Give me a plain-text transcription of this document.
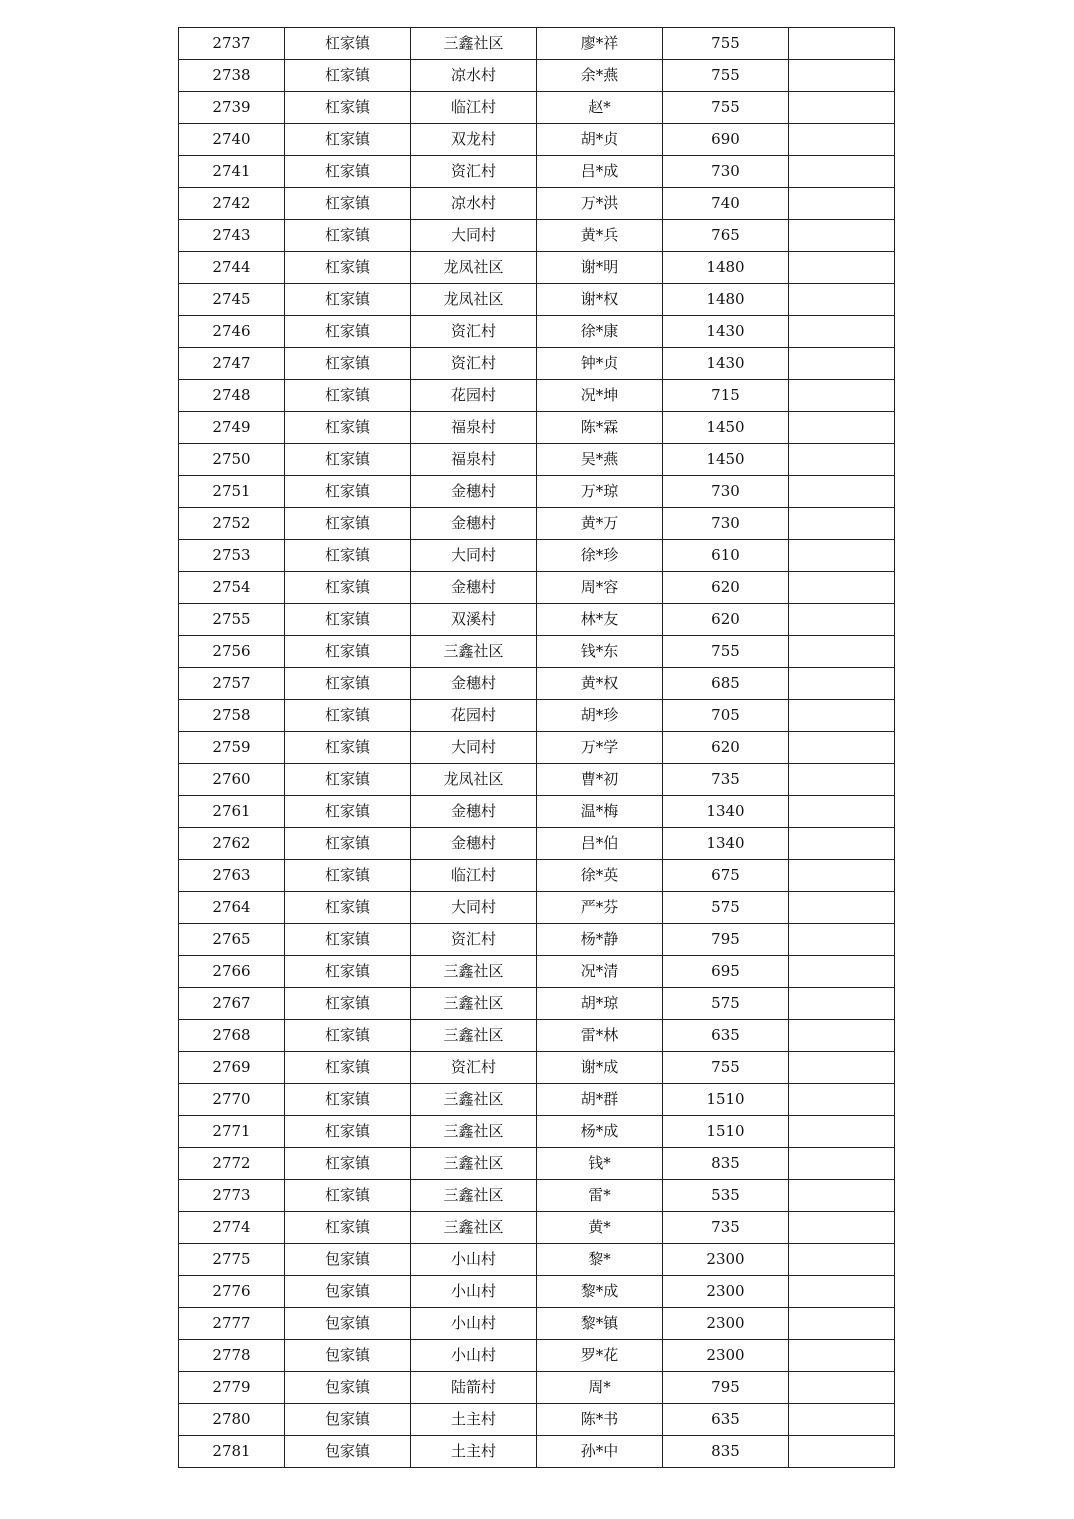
2737	杠家镇	三鑫社区	廖*祥	755	
2738	杠家镇	凉水村	余*燕	755	
2739	杠家镇	临江村	赵*	755	
2740	杠家镇	双龙村	胡*贞	690	
2741	杠家镇	资汇村	吕*成	730	
2742	杠家镇	凉水村	万*洪	740	
2743	杠家镇	大同村	黄*兵	765	
2744	杠家镇	龙凤社区	谢*明	1480	
2745	杠家镇	龙凤社区	谢*权	1480	
2746	杠家镇	资汇村	徐*康	1430	
2747	杠家镇	资汇村	钟*贞	1430	
2748	杠家镇	花园村	况*坤	715	
2749	杠家镇	福泉村	陈*霖	1450	
2750	杠家镇	福泉村	吴*燕	1450	
2751	杠家镇	金穗村	万*琼	730	
2752	杠家镇	金穗村	黄*万	730	
2753	杠家镇	大同村	徐*珍	610	
2754	杠家镇	金穗村	周*容	620	
2755	杠家镇	双溪村	林*友	620	
2756	杠家镇	三鑫社区	钱*东	755	
2757	杠家镇	金穗村	黄*权	685	
2758	杠家镇	花园村	胡*珍	705	
2759	杠家镇	大同村	万*学	620	
2760	杠家镇	龙凤社区	曹*初	735	
2761	杠家镇	金穗村	温*梅	1340	
2762	杠家镇	金穗村	吕*伯	1340	
2763	杠家镇	临江村	徐*英	675	
2764	杠家镇	大同村	严*芬	575	
2765	杠家镇	资汇村	杨*静	795	
2766	杠家镇	三鑫社区	况*清	695	
2767	杠家镇	三鑫社区	胡*琼	575	
2768	杠家镇	三鑫社区	雷*林	635	
2769	杠家镇	资汇村	谢*成	755	
2770	杠家镇	三鑫社区	胡*群	1510	
2771	杠家镇	三鑫社区	杨*成	1510	
2772	杠家镇	三鑫社区	钱*	835	
2773	杠家镇	三鑫社区	雷*	535	
2774	杠家镇	三鑫社区	黄*	735	
2775	包家镇	小山村	黎*	2300	
2776	包家镇	小山村	黎*成	2300	
2777	包家镇	小山村	黎*镇	2300	
2778	包家镇	小山村	罗*花	2300	
2779	包家镇	陆箭村	周*	795	
2780	包家镇	土主村	陈*书	635	
2781	包家镇	土主村	孙*中	835	
